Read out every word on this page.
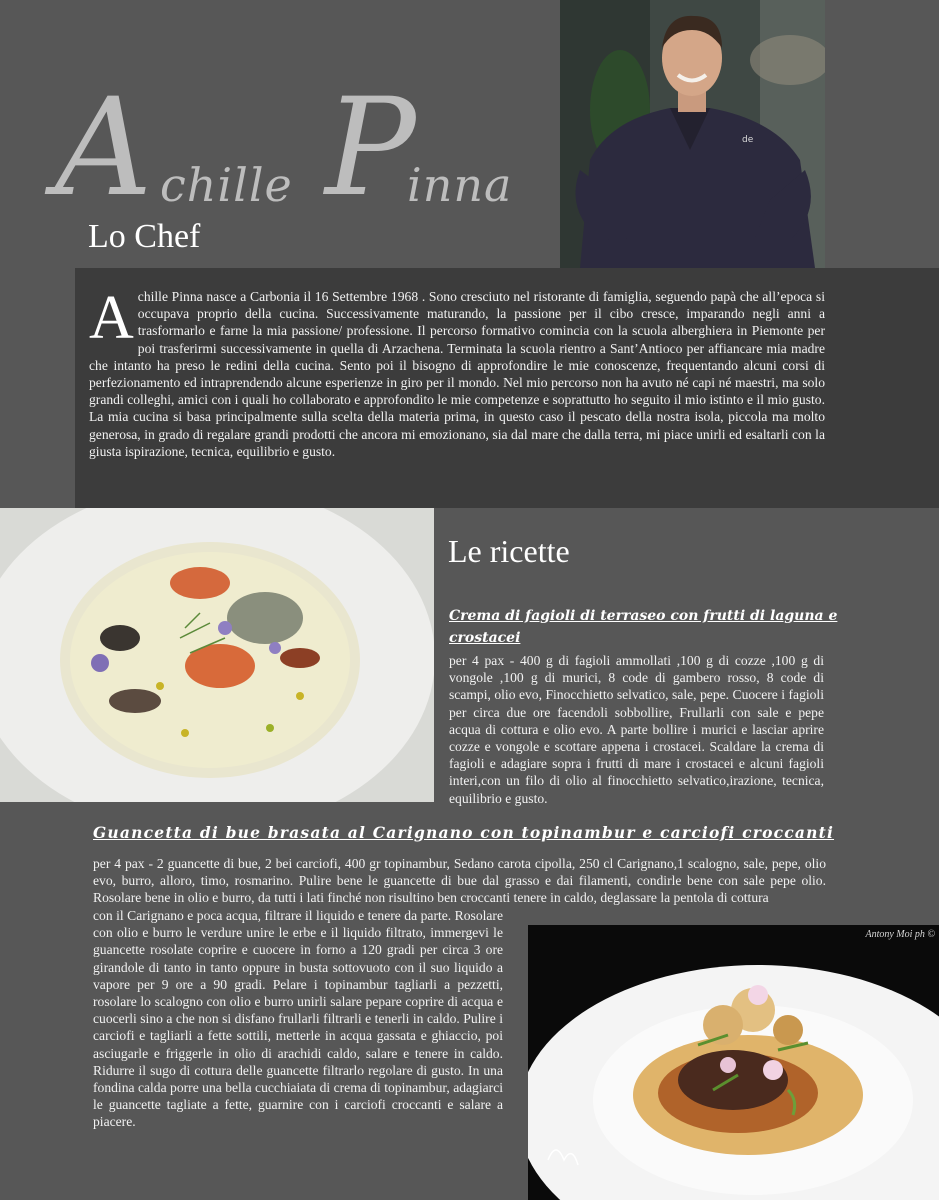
A chille P
inna
Lo Chef
de
A chille Pinna nasce a Carbonia il 16 Settembre 1968 . Sono cresciuto nel ristorante di famiglia, seguendo papà che all’epoca si occupava proprio della cucina. Successivamente maturando, la passione per il cibo cresce, imparando negli anni a trasformarlo e farne la mia passione/ professione. Il percorso formativo comincia con la scuola alberghiera in Piemonte per poi trasferirmi successivamente in quella di Arzachena. Terminata la scuola rientro a Sant’Antioco per affiancare mia madre che intanto ha preso le redini della cucina. Sento poi il bisogno di approfondire le mie conoscenze, frequentando alcuni corsi di perfezionamento ed intraprendendo alcune esperienze in giro per il mondo. Nel mio percorso non ha avuto né capi né maestri, ma solo grandi colleghi, amici con i quali ho collaborato e approfondito le mie competenze e soprattutto ho seguito il mio istinto e il mio gusto. La mia cucina si basa principalmente sulla scelta della materia prima, in questo caso il pescato della nostra isola, piccola ma molto generosa, in grado di regalare grandi prodotti che ancora mi emozionano, sia dal mare che dalla terra, mi piace unirli ed esaltarli con la giusta ispirazione, tecnica, equilibrio e gusto.
Le ricette
Crema di fagioli di terraseo con frutti di laguna e crostacei
per 4 pax - 400 g di fagioli ammollati ,100 g di cozze ,100 g di vongole ,100 g di murici, 8 code di gambero rosso, 8 code di scampi, olio evo, Finocchietto selvatico, sale, pepe. Cuocere i fagioli per circa due ore facendoli sobbollire, Frullarli con sale e pepe acqua di cottura e olio evo. A parte bollire i murici e lasciar aprire cozze e vongole e scottare appena i crostacei. Scaldare la crema di fagioli e adagiare sopra i frutti di mare i crostacei e alcuni fagioli interi,con un filo di olio al finocchietto selvatico,irazione, tecnica, equilibrio e gusto.
Guancetta di bue brasata al Carignano con topinambur e carciofi croccanti
per 4 pax - 2 guancette di bue, 2 bei carciofi, 400 gr topinambur, Sedano carota cipolla, 250 cl Carignano,1 scalogno, sale, pepe, olio evo, burro, alloro, timo, rosmarino. Pulire bene le guancette di bue dal grasso e dai filamenti, condirle bene con sale pepe olio. Rosolare bene in olio e burro, da tutti i lati finché non risultino ben croccanti tenere in caldo, deglassare la pentola di cottura
con il Carignano e poca acqua, filtrare il liquido e tenere da parte. Rosolare con olio e burro le verdure unire le erbe e il liquido filtrato, immergevi le guancette rosolate coprire e cuocere in forno a 120 gradi per circa 3 ore girandole di tanto in tanto oppure in busta sottovuoto con il suo liquido a vapore per 9 ore a 90 gradi. Pelare i topinambur tagliarli a pezzetti, rosolare lo scalogno con olio e burro unirli salare pepare coprire di acqua e cuocerli sino a che non si disfano frullarli filtrarli e tenerli in caldo. Pulire i carciofi e tagliarli a fette sottili, metterle in acqua gassata e ghiaccio, poi asciugarle e friggerle in olio di arachidi caldo, salare e tenere in caldo. Ridurre il sugo di cottura delle guancette filtrarlo regolare di gusto. In una fondina calda porre una bella cucchiaiata di crema di topinambur, adagiarci le guancette tagliate a fette, guarnire con i carciofi croccanti e salare a piacere.
Antony Moi ph ©
